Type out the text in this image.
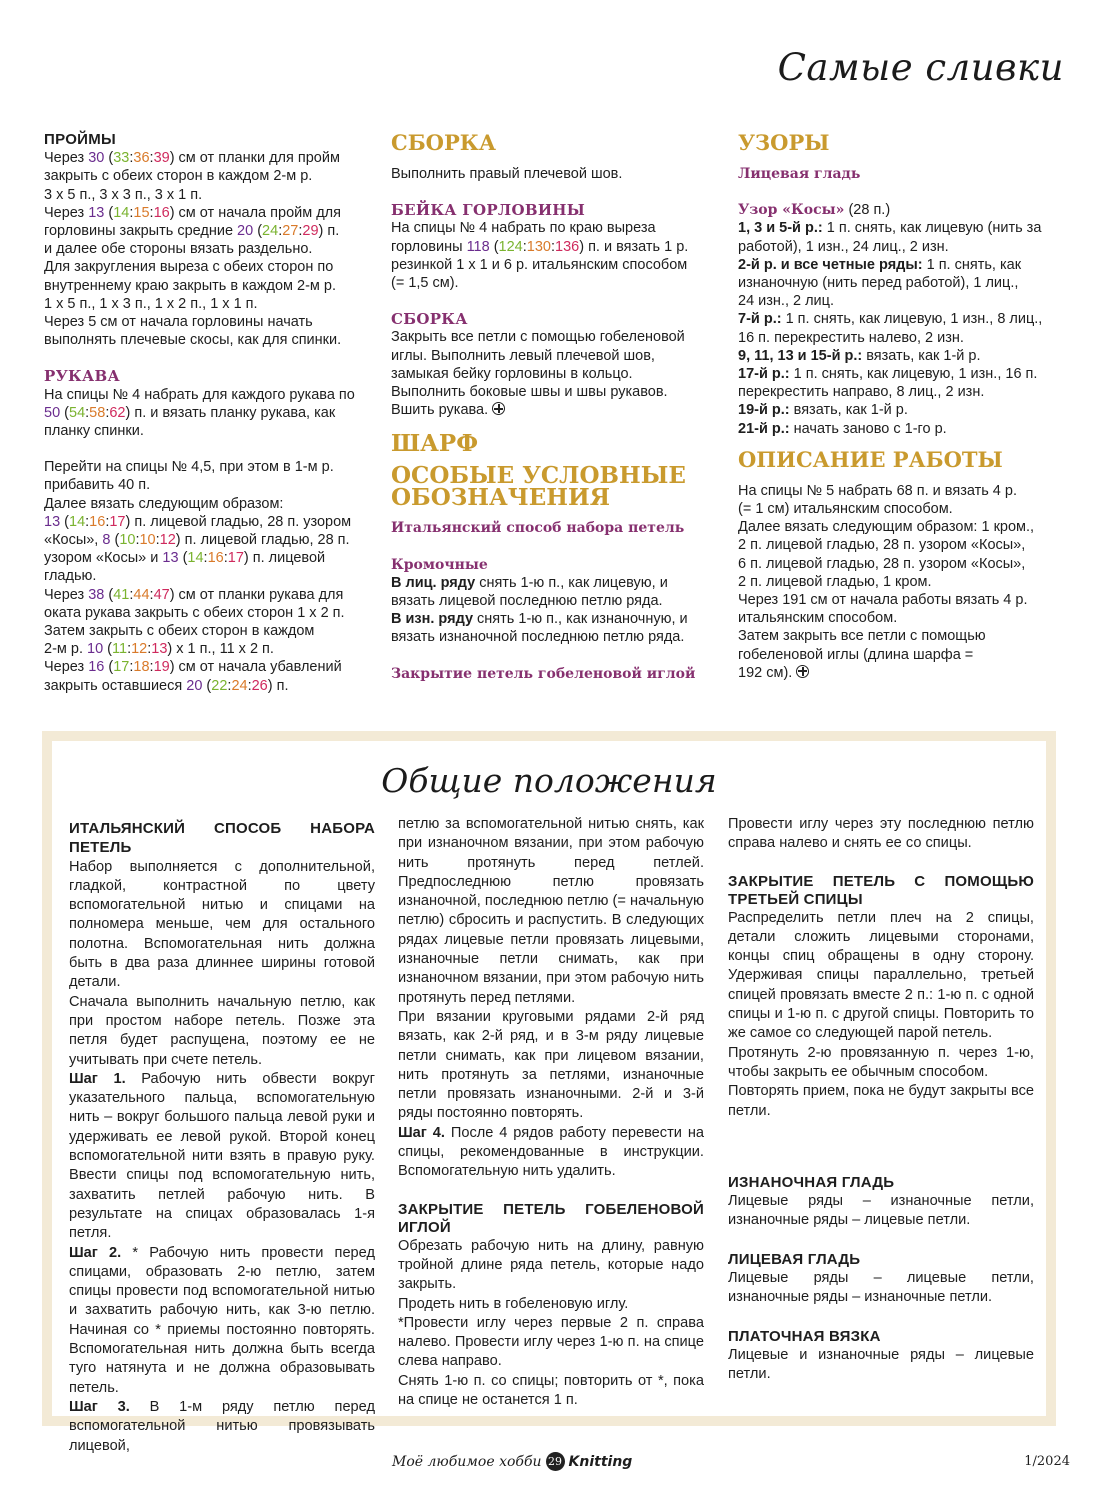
Самые сливки

ПРОЙМЫ

Через 30 (33:36:39) см от планки для пройм

закрыть с обеих сторон в каждом 2-м р.

3 х 5 п., 3 х 3 п., 3 х 1 п.

Через 13 (14:15:16) см от начала пройм для

горловины закрыть средние 20 (24:27:29) п.

и далее обе стороны вязать раздельно.

Для закругления выреза с обеих сторон по

внутреннему краю закрыть в каждом 2-м р.

1 х 5 п., 1 х 3 п., 1 х 2 п., 1 х 1 п.

Через 5 см от начала горловины начать

выполнять плечевые скосы, как для спинки.

РУКАВА

На спицы № 4 набрать для каждого рукава по

50 (54:58:62) п. и вязать планку рукава, как

планку спинки.

Перейти на спицы № 4,5, при этом в 1-м р.

прибавить 40 п.

Далее вязать следующим образом:

13 (14:16:17) п. лицевой гладью, 28 п. узором

«Косы», 8 (10:10:12) п. лицевой гладью, 28 п.

узором «Косы» и 13 (14:16:17) п. лицевой

гладью.

Через 38 (41:44:47) см от планки рукава для

оката рукава закрыть с обеих сторон 1 х 2 п.

Затем закрыть с обеих сторон в каждом

2-м р. 10 (11:12:13) х 1 п., 11 х 2 п.

Через 16 (17:18:19) см от начала убавлений

закрыть оставшиеся 20 (22:24:26) п.

СБОРКА

Выполнить правый плечевой шов.

БЕЙКА ГОРЛОВИНЫ

На спицы № 4 набрать по краю выреза

горловины 118 (124:130:136) п. и вязать 1 р.

резинкой 1 х 1 и 6 р. итальянским способом

(= 1,5 см).

СБОРКА

Закрыть все петли с помощью гобеленовой

иглы. Выполнить левый плечевой шов,

замыкая бейку горловины в кольцо.

Выполнить боковые швы и швы рукавов.

Вшить рукава.

ШАРФ

ОСОБЫЕ УСЛОВНЫЕ

ОБОЗНАЧЕНИЯ

Итальянский способ набора петель

Кромочные

В лиц. ряду снять 1-ю п., как лицевую, и

вязать лицевой последнюю петлю ряда.

В изн. ряду снять 1-ю п., как изнаночную, и

вязать изнаночной последнюю петлю ряда.

Закрытие петель гобеленовой иглой

УЗОРЫ

Лицевая гладь

Узор «Косы» (28 п.)

1, 3 и 5-й р.: 1 п. снять, как лицевую (нить за

работой), 1 изн., 24 лиц., 2 изн.

2-й р. и все четные ряды: 1 п. снять, как

изнаночную (нить перед работой), 1 лиц.,

24 изн., 2 лиц.

7-й р.: 1 п. снять, как лицевую, 1 изн., 8 лиц.,

16 п. перекрестить налево, 2 изн.

9, 11, 13 и 15-й р.: вязать, как 1-й р.

17-й р.: 1 п. снять, как лицевую, 1 изн., 16 п.

перекрестить направо, 8 лиц., 2 изн.

19-й р.: вязать, как 1-й р.

21-й р.: начать заново с 1-го р.

ОПИСАНИЕ РАБОТЫ

На спицы № 5 набрать 68 п. и вязать 4 р.

(= 1 см) итальянским способом.

Далее вязать следующим образом: 1 кром.,

2 п. лицевой гладью, 28 п. узором «Косы»,

6 п. лицевой гладью, 28 п. узором «Косы»,

2 п. лицевой гладью, 1 кром.

Через 191 см от начала работы вязать 4 р.

итальянским способом.

Затем закрыть все петли с помощью

гобеленовой иглы (длина шарфа =

192 см).

Общие положения

ИТАЛЬЯНСКИЙ СПОСОБ НАБОРА ПЕТЕЛЬ

Набор выполняется с дополнительной, гладкой, контрастной по цвету вспомогательной нитью и спицами на полномера меньше, чем для остального полотна. Вспомогательная нить должна быть в два раза длиннее ширины готовой детали.

Сначала выполнить начальную петлю, как при простом наборе петель. Позже эта петля будет распущена, поэтому ее не учитывать при счете петель.

Шаг 1. Рабочую нить обвести вокруг указательного пальца, вспомогательную нить – вокруг большого пальца левой руки и удерживать ее левой рукой. Второй конец вспомогательной нити взять в правую руку. Ввести спицы под вспомогательную нить, захватить петлей рабочую нить. В результате на спицах образовалась 1-я петля.

Шаг 2. * Рабочую нить провести перед спицами, образовать 2-ю петлю, затем спицы провести под вспомогательной нитью и захватить рабочую нить, как 3-ю петлю. Начиная со * приемы постоянно повторять. Вспомогательная нить должна быть всегда туго натянута и не должна образовывать петель.

Шаг 3. В 1-м ряду петлю перед вспомогательной нитью провязывать лицевой,

петлю за вспомогательной нитью снять, как при изнаночном вязании, при этом рабочую нить протянуть перед петлей. Предпоследнюю петлю провязать изнаночной, последнюю петлю (= начальную петлю) сбросить и распустить. В следующих рядах лицевые петли провязать лицевыми, изнаночные петли снимать, как при изнаночном вязании, при этом рабочую нить протянуть перед петлями.

При вязании круговыми рядами 2-й ряд вязать, как 2-й ряд, и в 3-м ряду лицевые петли снимать, как при лицевом вязании, нить протянуть за петлями, изнаночные петли провязать изнаночными. 2-й и 3-й ряды постоянно повторять.

Шаг 4. После 4 рядов работу перевести на спицы, рекомендованные в инструкции. Вспомогательную нить удалить.

ЗАКРЫТИЕ ПЕТЕЛЬ ГОБЕЛЕНОВОЙ ИГЛОЙ

Обрезать рабочую нить на длину, равную тройной длине ряда петель, которые надо закрыть.

Продеть нить в гобеленовую иглу.

*Провести иглу через первые 2 п. справа налево. Провести иглу через 1-ю п. на спице слева направо.

Снять 1-ю п. со спицы; повторить от *, пока на спице не останется 1 п.

Провести иглу через эту последнюю петлю справа налево и снять ее со спицы.

ЗАКРЫТИЕ ПЕТЕЛЬ С ПОМОЩЬЮ ТРЕТЬЕЙ СПИЦЫ

Распределить петли плеч на 2 спицы, детали сложить лицевыми сторонами, концы спиц обращены в одну сторону. Удерживая спицы параллельно, третьей спицей провязать вместе 2 п.: 1-ю п. с одной спицы и 1-ю п. с другой спицы. Повторить то же самое со следующей парой петель.

Протянуть 2-ю провязанную п. через 1-ю, чтобы закрыть ее обычным способом.

Повторять прием, пока не будут закрыты все петли.

ИЗНАНОЧНАЯ ГЛАДЬ

Лицевые ряды – изнаночные петли, изнаночные ряды – лицевые петли.

ЛИЦЕВАЯ ГЛАДЬ

Лицевые ряды – лицевые петли, изнаночные ряды – изнаночные петли.

ПЛАТОЧНАЯ ВЯЗКА

Лицевые и изнаночные ряды – лицевые петли.

Моё любимое хобби 29 Knitting	1/2024
